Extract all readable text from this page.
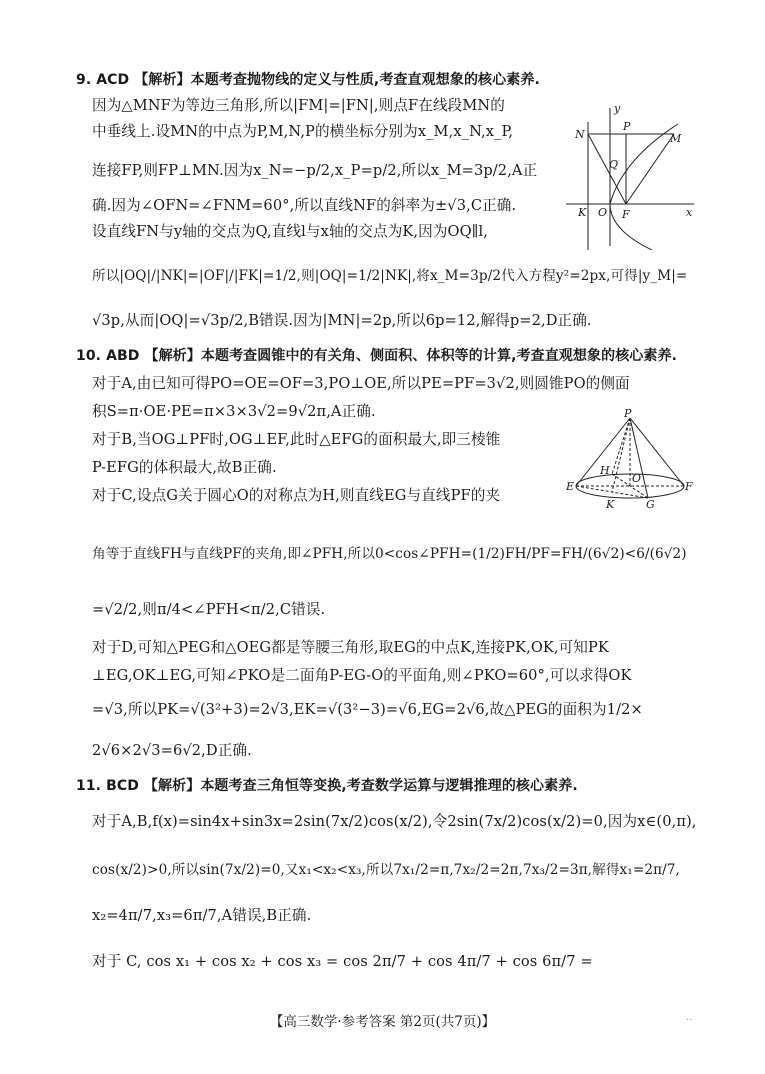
9. ACD 【解析】本题考查抛物线的定义与性质,考查直观想象的核心素养.
因为△MNF为等边三角形,所以|FM|=|FN|,则点F在线段MN的
中垂线上.设MN的中点为P,M,N,P的横坐标分别为x_M,x_N,x_P,
连接FP,则FP⊥MN.因为x_N=−p/2,x_P=p/2,所以x_M=3p/2,A正
确.因为∠OFN=∠FNM=60°,所以直线NF的斜率为±√3,C正确.
设直线FN与y轴的交点为Q,直线l与x轴的交点为K,因为OQ∥l,
所以|OQ|/|NK|=|OF|/|FK|=1/2,则|OQ|=1/2|NK|,将x_M=3p/2代入方程y²=2px,可得|y_M|=
√3p,从而|OQ|=√3p/2,B错误.因为|MN|=2p,所以6p=12,解得p=2,D正确.
10. ABD 【解析】本题考查圆锥中的有关角、侧面积、体积等的计算,考查直观想象的核心素养.
对于A,由已知可得PO=OE=OF=3,PO⊥OE,所以PE=PF=3√2,则圆锥PO的侧面
积S=π·OE·PE=π×3×3√2=9√2π,A正确.
对于B,当OG⊥PF时,OG⊥EF,此时△EFG的面积最大,即三棱锥
P-EFG的体积最大,故B正确.
对于C,设点G关于圆心O的对称点为H,则直线EG与直线PF的夹
角等于直线FH与直线PF的夹角,即∠PFH,所以0<cos∠PFH=(1/2)FH/PF=FH/(6√2)<6/(6√2)
=√2/2,则π/4<∠PFH<π/2,C错误.
对于D,可知△PEG和△OEG都是等腰三角形,取EG的中点K,连接PK,OK,可知PK
⊥EG,OK⊥EG,可知∠PKO是二面角P-EG-O的平面角,则∠PKO=60°,可以求得OK
=√3,所以PK=√(3²+3)=2√3,EK=√(3²−3)=√6,EG=2√6,故△PEG的面积为1/2×
2√6×2√3=6√2,D正确.
11. BCD 【解析】本题考查三角恒等变换,考查数学运算与逻辑推理的核心素养.
对于A,B,f(x)=sin4x+sin3x=2sin(7x/2)cos(x/2),令2sin(7x/2)cos(x/2)=0,因为x∈(0,π),
cos(x/2)>0,所以sin(7x/2)=0,又x₁<x₂<x₃,所以7x₁/2=π,7x₂/2=2π,7x₃/2=3π,解得x₁=2π/7,
x₂=4π/7,x₃=6π/7,A错误,B正确.
对于 C, cos x₁ + cos x₂ + cos x₃ = cos 2π/7 + cos 4π/7 + cos 6π/7 =
y
x
N
P
M
Q
K O F
P
H
O
E	F
K	G
【高三数学·参考答案 第2页(共7页)】	..
